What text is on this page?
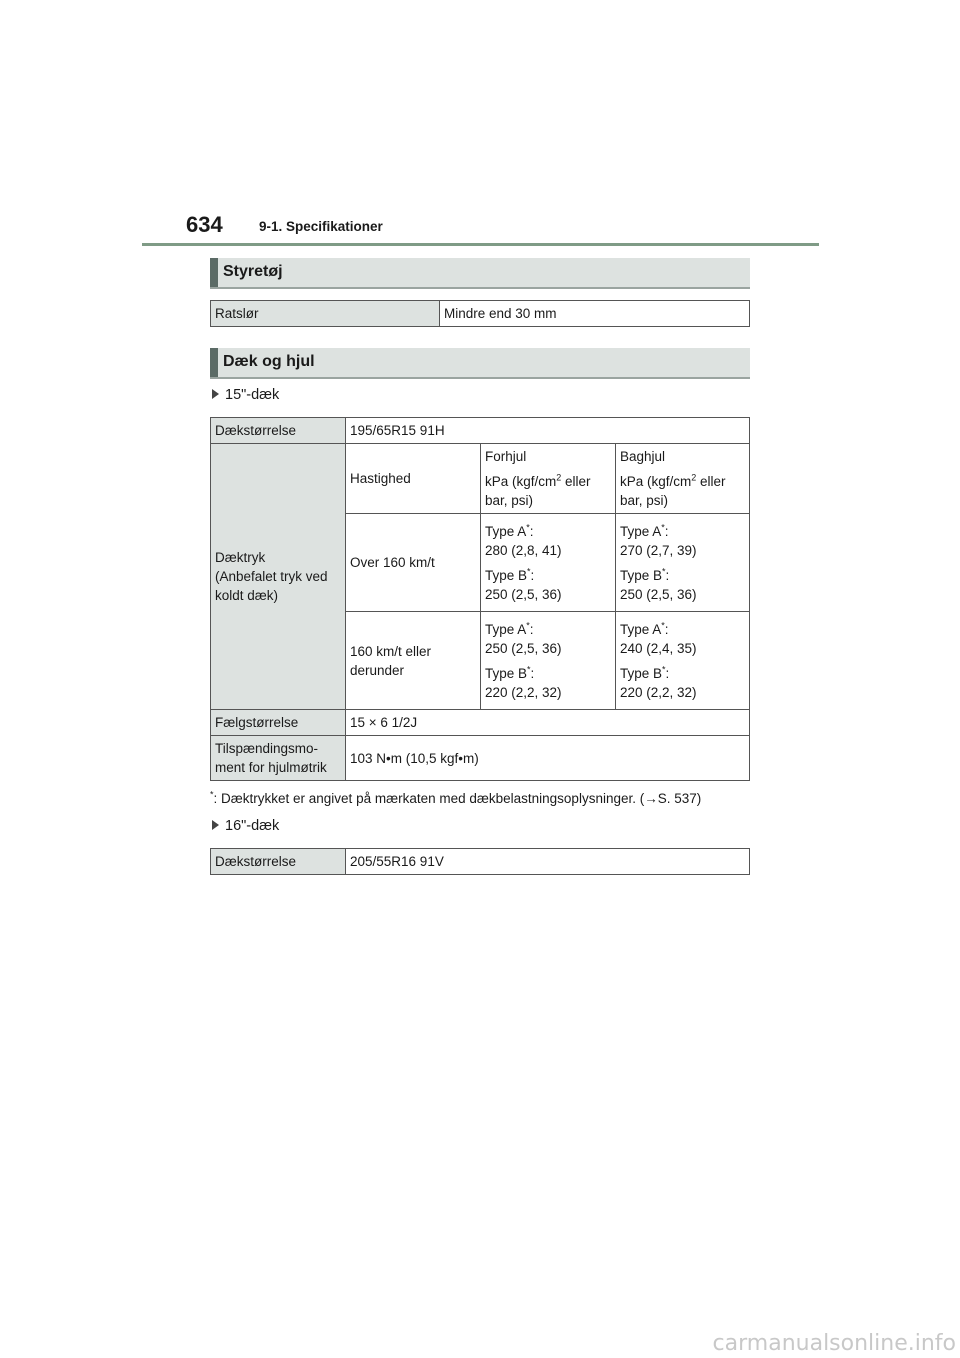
634	9-1. Specifikationer
Styretøj
Ratslør	Mindre end 30 mm
Dæk og hjul
15"-dæk
Dækstørrelse	195/65R15 91H		

Dæktryk
(Anbefalet tryk ved
koldt dæk)	Hastighed	Forhjul
kPa ($kgf/cm^2$ eller
bar, psi)	Baghjul
kPa ($kgf/cm^2$ eller
bar, psi)

	Over 160 km/t	Type A*:
280 (2,8, 41)
Type B*:
250 (2,5, 36)	Type A*:
270 (2,7, 39)
Type B*:
250 (2,5, 36)

	160 km/t eller
derunder	Type A*:
250 (2,5, 36)
Type B*:
220 (2,2, 32)	Type A*:
240 (2,4, 35)
Type B*:
220 (2,2, 32)

Fælgstørrelse	15 × 6 1/2J		

Tilspændingsmo-
ment for hjulmøtrik	103 N•m (10,5 kgf•m)		
*: Dæktrykket er angivet på mærkaten med dækbelastningsoplysninger. (→S. 537)
16"-dæk
Dækstørrelse	205/55R16 91V
carmanualsonline.info
